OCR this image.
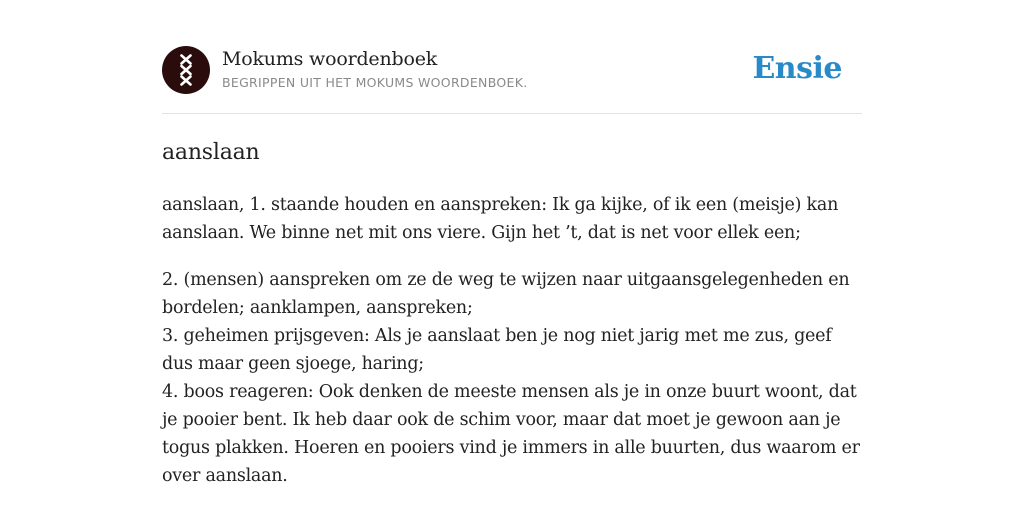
Mokums woordenboek
BEGRIPPEN UIT HET MOKUMS WOORDENBOEK.	Ensie
aanslaan

aanslaan, 1. staande houden en aanspreken: Ik ga kijke, of ik een (meisje) kan aanslaan. We binne net mit ons viere. Gijn het ’t, dat is net voor ellek een;

2. (mensen) aanspreken om ze de weg te wijzen naar uitgaansgelegenheden en bordelen; aanklampen, aanspreken;
3. geheimen prijsgeven: Als je aanslaat ben je nog niet jarig met me zus, geef dus maar geen sjoege, haring;
4. boos reageren: Ook denken de meeste mensen als je in onze buurt woont, dat je pooier bent. Ik heb daar ook de schim voor, maar dat moet je gewoon aan je togus plakken. Hoeren en pooiers vind je immers in alle buurten, dus waarom er over aanslaan.
